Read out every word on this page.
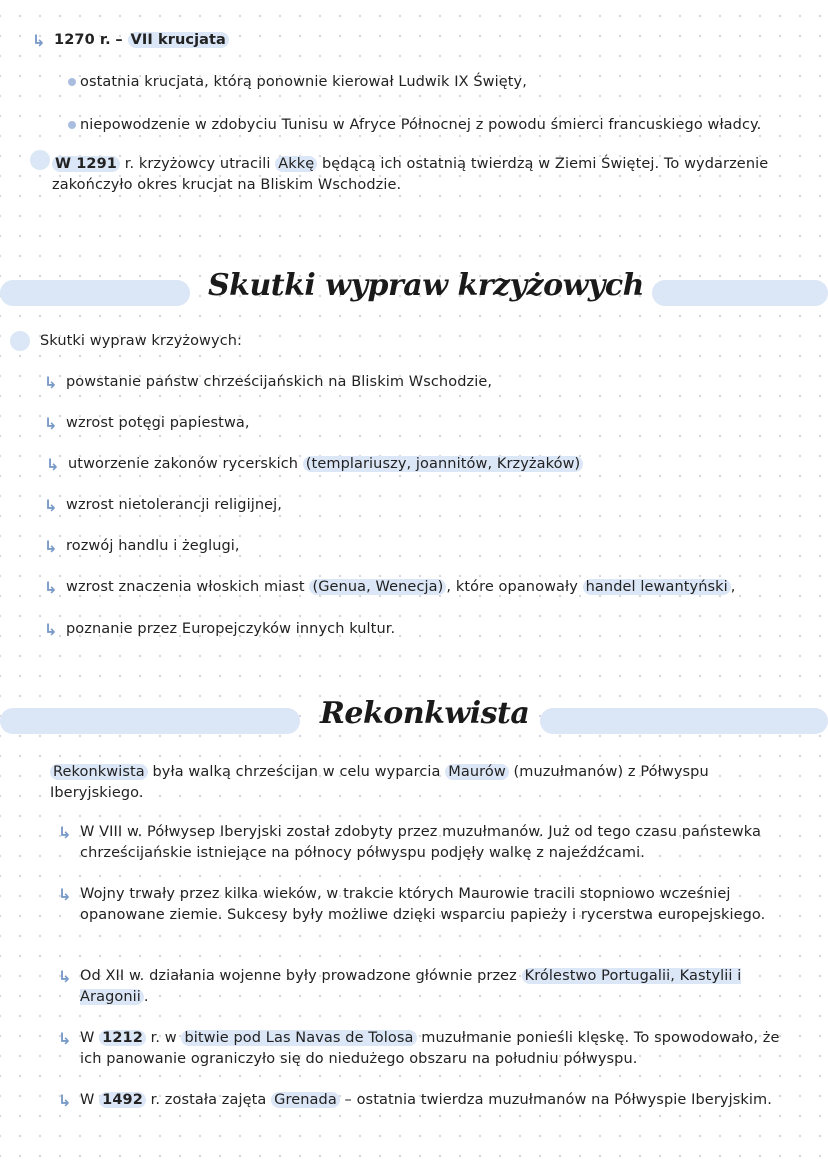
↳ 1270 r. – VII krucjata
ostatnia krucjata, którą ponownie kierował Ludwik IX Święty,
niepowodzenie w zdobyciu Tunisu w Afryce Północnej z powodu śmierci francuskiego władcy.
W 1291 r. krzyżowcy utracili Akkę będącą ich ostatnią twierdzą w Ziemi Świętej. To wydarzenie zakończyło okres krucjat na Bliskim Wschodzie.
Skutki wypraw krzyżowych
Skutki wypraw krzyżowych:
↳ powstanie państw chrześcijańskich na Bliskim Wschodzie,
↳ wzrost potęgi papiestwa,
↳ utworzenie zakonów rycerskich (templariuszy, joannitów, Krzyżaków)
↳ wzrost nietolerancji religijnej,
↳ rozwój handlu i żeglugi,
↳ wzrost znaczenia włoskich miast (Genua, Wenecja) , które opanowały handel lewantyński ,
↳ poznanie przez Europejczyków innych kultur.
Rekonkwista
Rekonkwista była walką chrześcijan w celu wyparcia Maurów (muzułmanów) z Półwyspu Iberyjskiego.
↳ W VIII w. Półwysep Iberyjski został zdobyty przez muzułmanów. Już od tego czasu państewka chrześcijańskie istniejące na północy półwyspu podjęły walkę z najeźdźcami.
↳ Wojny trwały przez kilka wieków, w trakcie których Maurowie tracili stopniowo wcześniej opanowane ziemie. Sukcesy były możliwe dzięki wsparciu papieży i rycerstwa europejskiego.
↳ Od XII w. działania wojenne były prowadzone głównie przez Królestwo Portugalii, Kastylii i Aragonii .
↳ W 1212 r. w bitwie pod Las Navas de Tolosa muzułmanie ponieśli klęskę. To spowodowało, że ich panowanie ograniczyło się do niedużego obszaru na południu półwyspu.
↳ W 1492 r. została zajęta Grenada – ostatnia twierdza muzułmanów na Półwyspie Iberyjskim.
